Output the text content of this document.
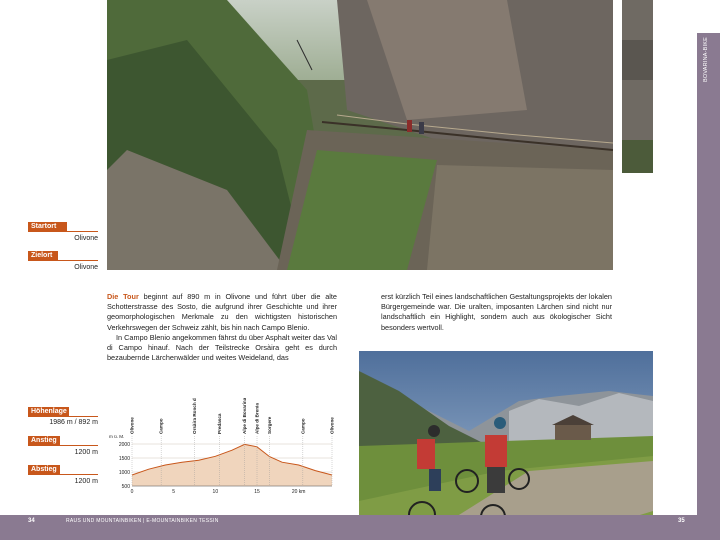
BOVARINA-BIKE
Startort
Olivone
Zielort
Olivone
Höhenlage
1986 m / 892 m
Anstieg
1200 m
Abstieg
1200 m
Die Tour beginnt auf 890 m in Olivone und führt über die alte Schotterstrasse des Sosto, die aufgrund ihrer Geschichte und ihrer geomorphologischen Merkmale zu den wichtigsten historischen Verkehrswegen der Schweiz zählt, bis hin nach Campo Blenio.
In Campo Blenio angekommen fährst du über Asphalt weiter das Val di Campo hinauf. Nach der Teilstrecke Orsàira geht es durch bezaubernde Lärchenwälder und weites Weideland, das
erst kürzlich Teil eines landschaftlichen Gestaltungsprojekts der lokalen Bürgergemeinde war. Die uralten, imposanten Lärchen sind nicht nur landschaftlich ein Highlight, sondern auch aus ökologischer Sicht besonders wertvoll.
2000
1500
1000
500
m ü. M.
0	5	10	15	20 km
Olivone	Campo	Orsàira Ronch da Giuild	Predasca	Alpe di Bovarina Alpe di Brenia Sorgere	Campo	Olivone
34	RAUS UND MOUNTAINBIKEN | E-MOUNTAINBIKEN TESSIN	35
